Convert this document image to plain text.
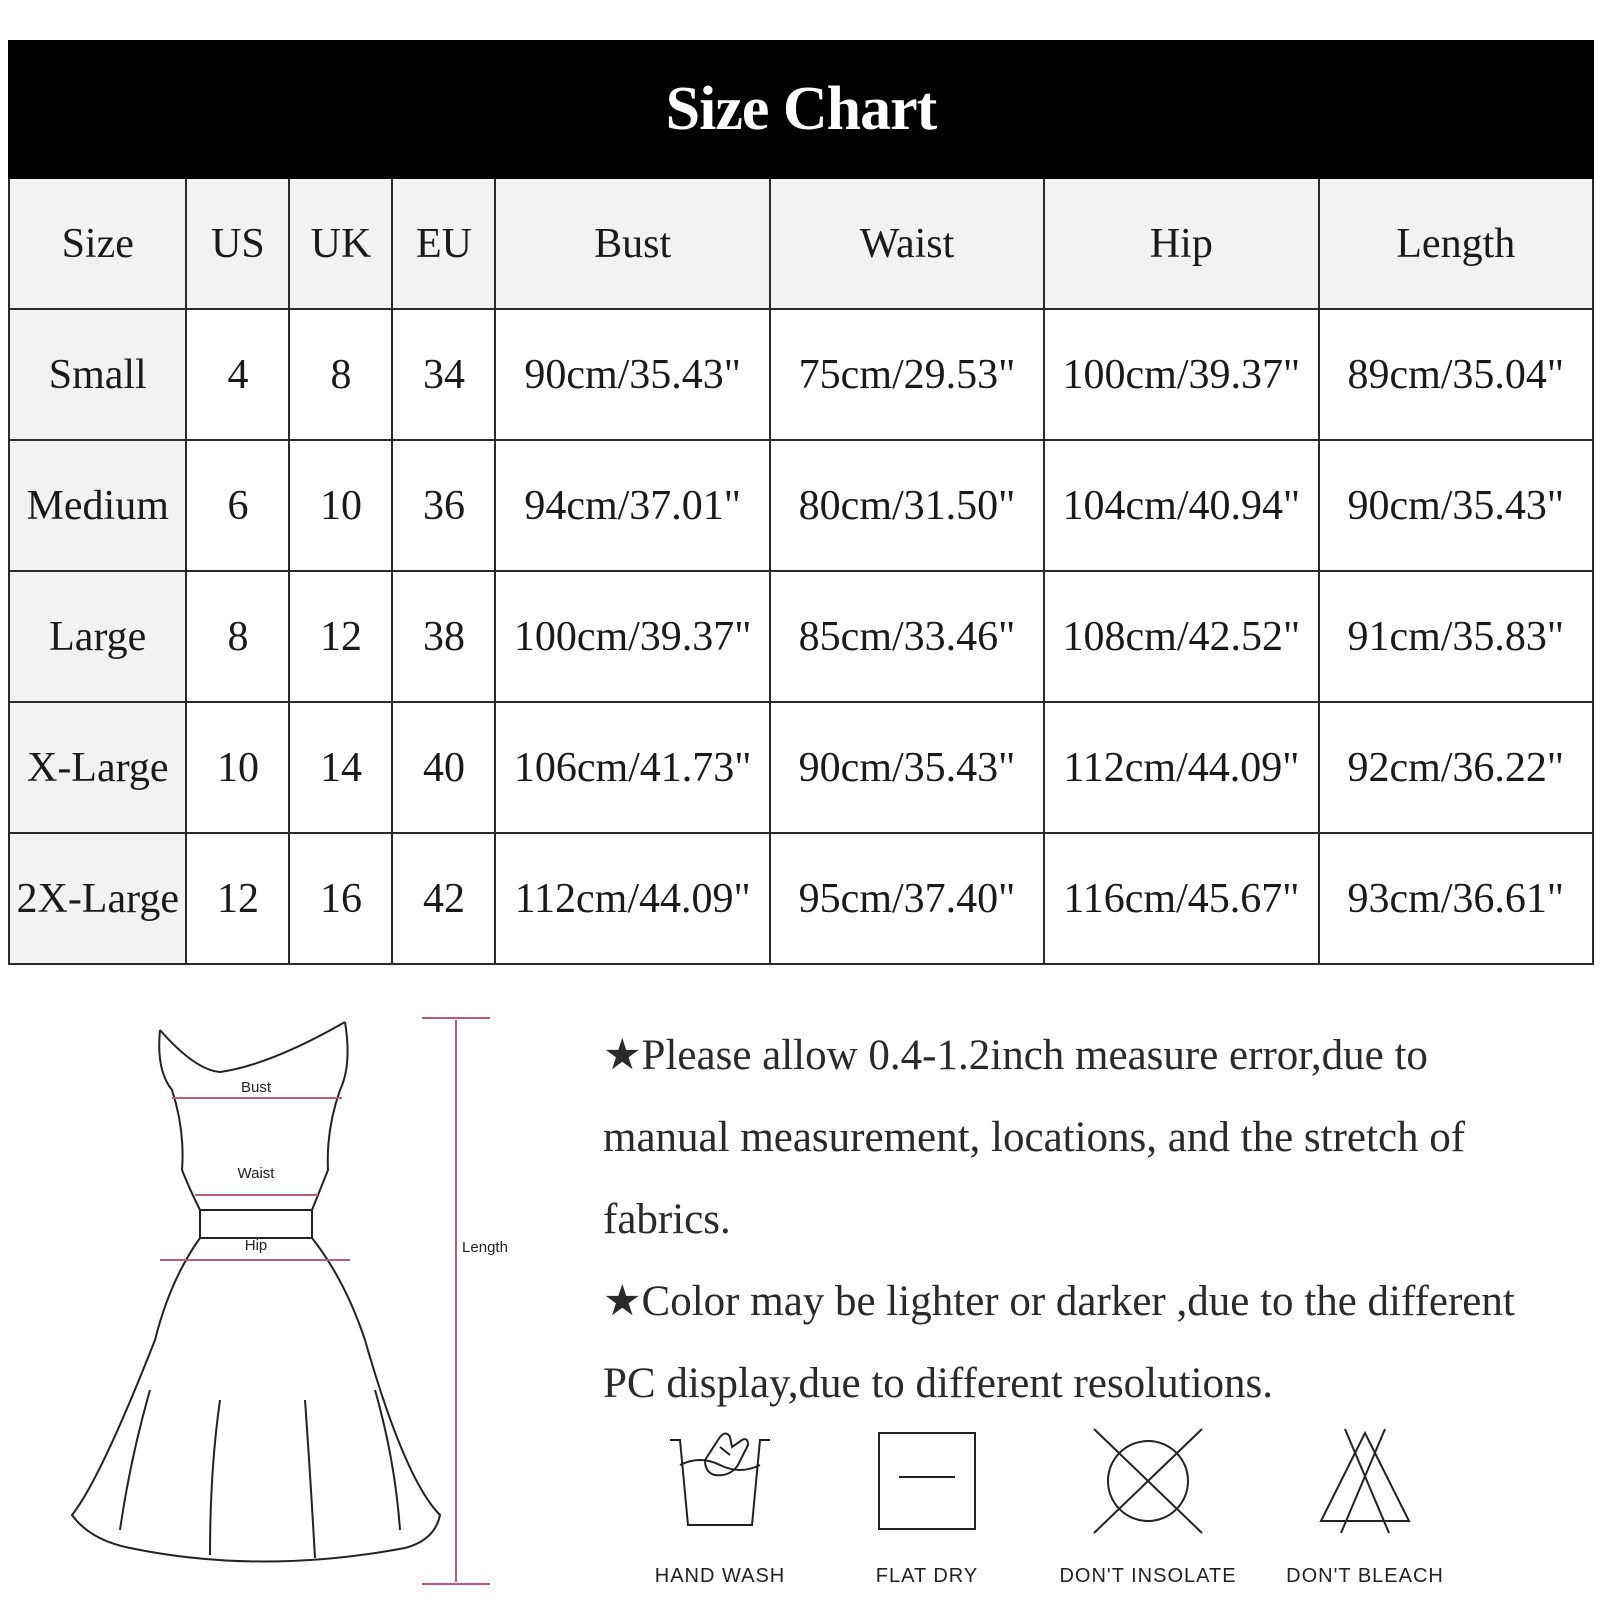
Size Chart							
Size	US	UK	EU	Bust	Waist	Hip	Length
Small	4	8	34	90cm/35.43"	75cm/29.53"	100cm/39.37"	89cm/35.04"
Medium	6	10	36	94cm/37.01"	80cm/31.50"	104cm/40.94"	90cm/35.43"
Large	8	12	38	100cm/39.37"	85cm/33.46"	108cm/42.52"	91cm/35.83"
X-Large	10	14	40	106cm/41.73"	90cm/35.43"	112cm/44.09"	92cm/36.22"
2X-Large	12	16	42	112cm/44.09"	95cm/37.40"	116cm/45.67"	93cm/36.61"
Bust
Waist
Hip	Length

★Please allow 0.4-1.2inch measure error,due to manual measurement, locations, and the stretch of fabrics.

★Color may be lighter or darker ,due to the different PC display,due to different resolutions.

HAND WASH	FLAT DRY	DON'T INSOLATE	DON'T BLEACH
